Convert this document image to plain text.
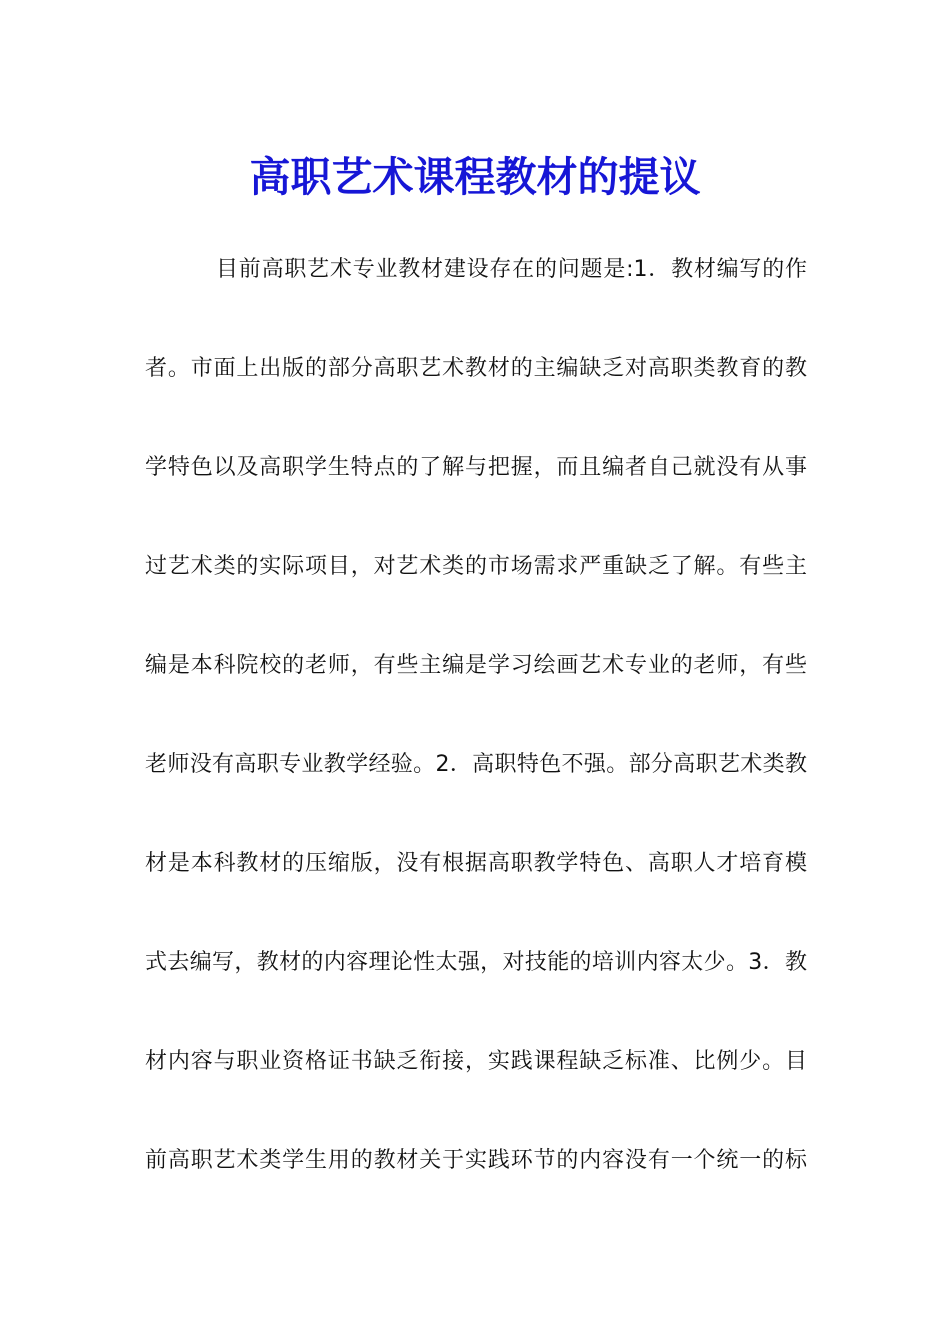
高职艺术课程教材的提议
目前高职艺术专业教材建设存在的问题是:1．教材编写的作
者。市面上出版的部分高职艺术教材的主编缺乏对高职类教育的教
学特色以及高职学生特点的了解与把握，而且编者自己就没有从事
过艺术类的实际项目，对艺术类的市场需求严重缺乏了解。有些主
编是本科院校的老师，有些主编是学习绘画艺术专业的老师，有些
老师没有高职专业教学经验。2．高职特色不强。部分高职艺术类教
材是本科教材的压缩版，没有根据高职教学特色、高职人才培育模
式去编写，教材的内容理论性太强，对技能的培训内容太少。3．教
材内容与职业资格证书缺乏衔接，实践课程缺乏标准、比例少。目
前高职艺术类学生用的教材关于实践环节的内容没有一个统一的标
